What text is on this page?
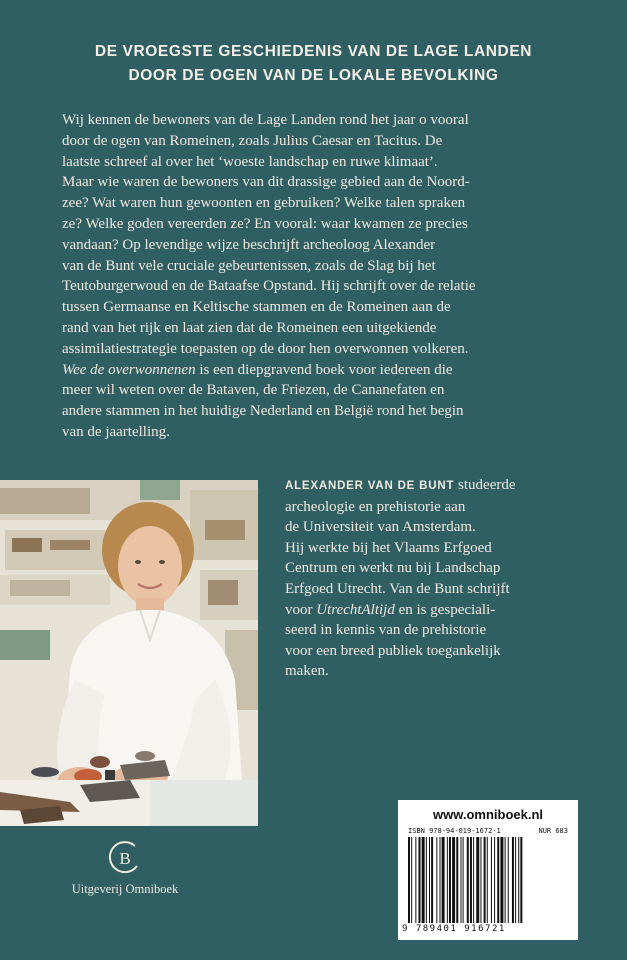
DE VROEGSTE GESCHIEDENIS VAN DE LAGE LANDEN
DOOR DE OGEN VAN DE LOKALE BEVOLKING
Wij kennen de bewoners van de Lage Landen rond het jaar o vooral
door de ogen van Romeinen, zoals Julius Caesar en Tacitus. De
laatste schreef al over het ‘woeste landschap en ruwe klimaat’.
Maar wie waren de bewoners van dit drassige gebied aan de Noord-
zee? Wat waren hun gewoonten en gebruiken? Welke talen spraken
ze? Welke goden vereerden ze? En vooral: waar kwamen ze precies
vandaan? Op levendige wijze beschrijft archeoloog Alexander
van de Bunt vele cruciale gebeurtenissen, zoals de Slag bij het
Teutoburgerwoud en de Bataafse Opstand. Hij schrijft over de relatie
tussen Germaanse en Keltische stammen en de Romeinen aan de
rand van het rijk en laat zien dat de Romeinen een uitgekiende
assimilatiestrategie toepasten op de door hen overwonnen volkeren.
Wee de overwonnenen is een diepgravend boek voor iedereen die
meer wil weten over de Bataven, de Friezen, de Cananefaten en
andere stammen in het huidige Nederland en België rond het begin
van de jaartelling.
ALEXANDER VAN DE BUNT studeerde
archeologie en prehistorie aan
de Universiteit van Amsterdam.
Hij werkte bij het Vlaams Erfgoed
Centrum en werkt nu bij Landschap
Erfgoed Utrecht. Van de Bunt schrijft
voor UtrechtAltijd en is gespeciali-
seerd in kennis van de prehistorie
voor een breed publiek toegankelijk
maken.
B
Uitgeverij Omniboek
www.omniboek.nl
ISBN 978-94-019-1672-1	NUR 683
9 789401 916721
